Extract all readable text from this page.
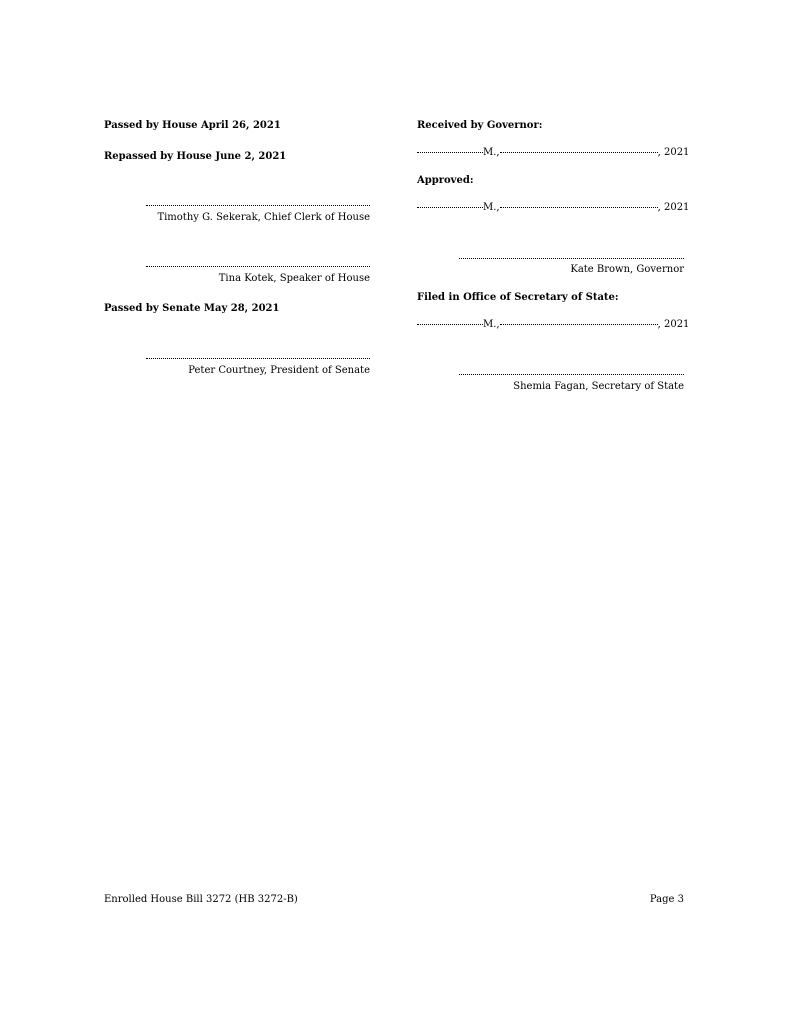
Passed by House April 26, 2021
Repassed by House June 2, 2021
Timothy G. Sekerak, Chief Clerk of House
Tina Kotek, Speaker of House
Passed by Senate May 28, 2021
Peter Courtney, President of Senate
Received by Governor:
M.,	, 2021
Approved:
M.,	, 2021
Kate Brown, Governor
Filed in Office of Secretary of State:
M.,	, 2021
Shemia Fagan, Secretary of State
Enrolled House Bill 3272 (HB 3272-B)	Page 3
